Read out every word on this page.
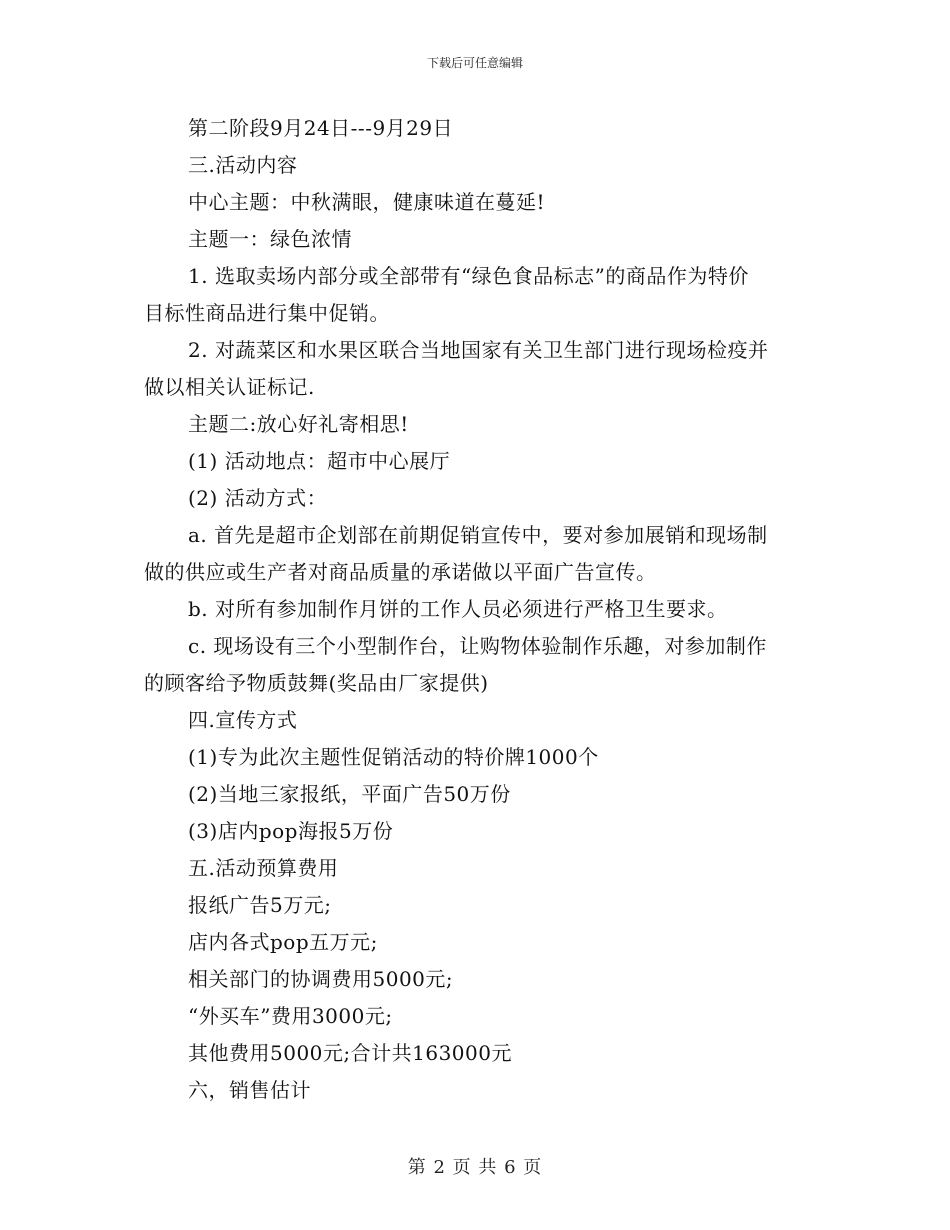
下载后可任意编辑
第二阶段9月24日---9月29日
三.活动内容
中心主题：中秋满眼，健康味道在蔓延!
主题一：绿色浓情
1. 选取卖场内部分或全部带有“绿色食品标志”的商品作为特价
目标性商品进行集中促销。
2. 对蔬菜区和水果区联合当地国家有关卫生部门进行现场检疫并
做以相关认证标记.
主题二:放心好礼寄相思!
(1) 活动地点：超市中心展厅
(2) 活动方式：
a. 首先是超市企划部在前期促销宣传中，要对参加展销和现场制
做的供应或生产者对商品质量的承诺做以平面广告宣传。
b. 对所有参加制作月饼的工作人员必须进行严格卫生要求。
c. 现场设有三个小型制作台，让购物体验制作乐趣，对参加制作
的顾客给予物质鼓舞(奖品由厂家提供)
四.宣传方式
(1)专为此次主题性促销活动的特价牌1000个
(2)当地三家报纸，平面广告50万份
(3)店内pop海报5万份
五.活动预算费用
报纸广告5万元;
店内各式pop五万元;
相关部门的协调费用5000元;
“外买车”费用3000元;
其他费用5000元;合计共163000元
六，销售估计
第 2 页 共 6 页
